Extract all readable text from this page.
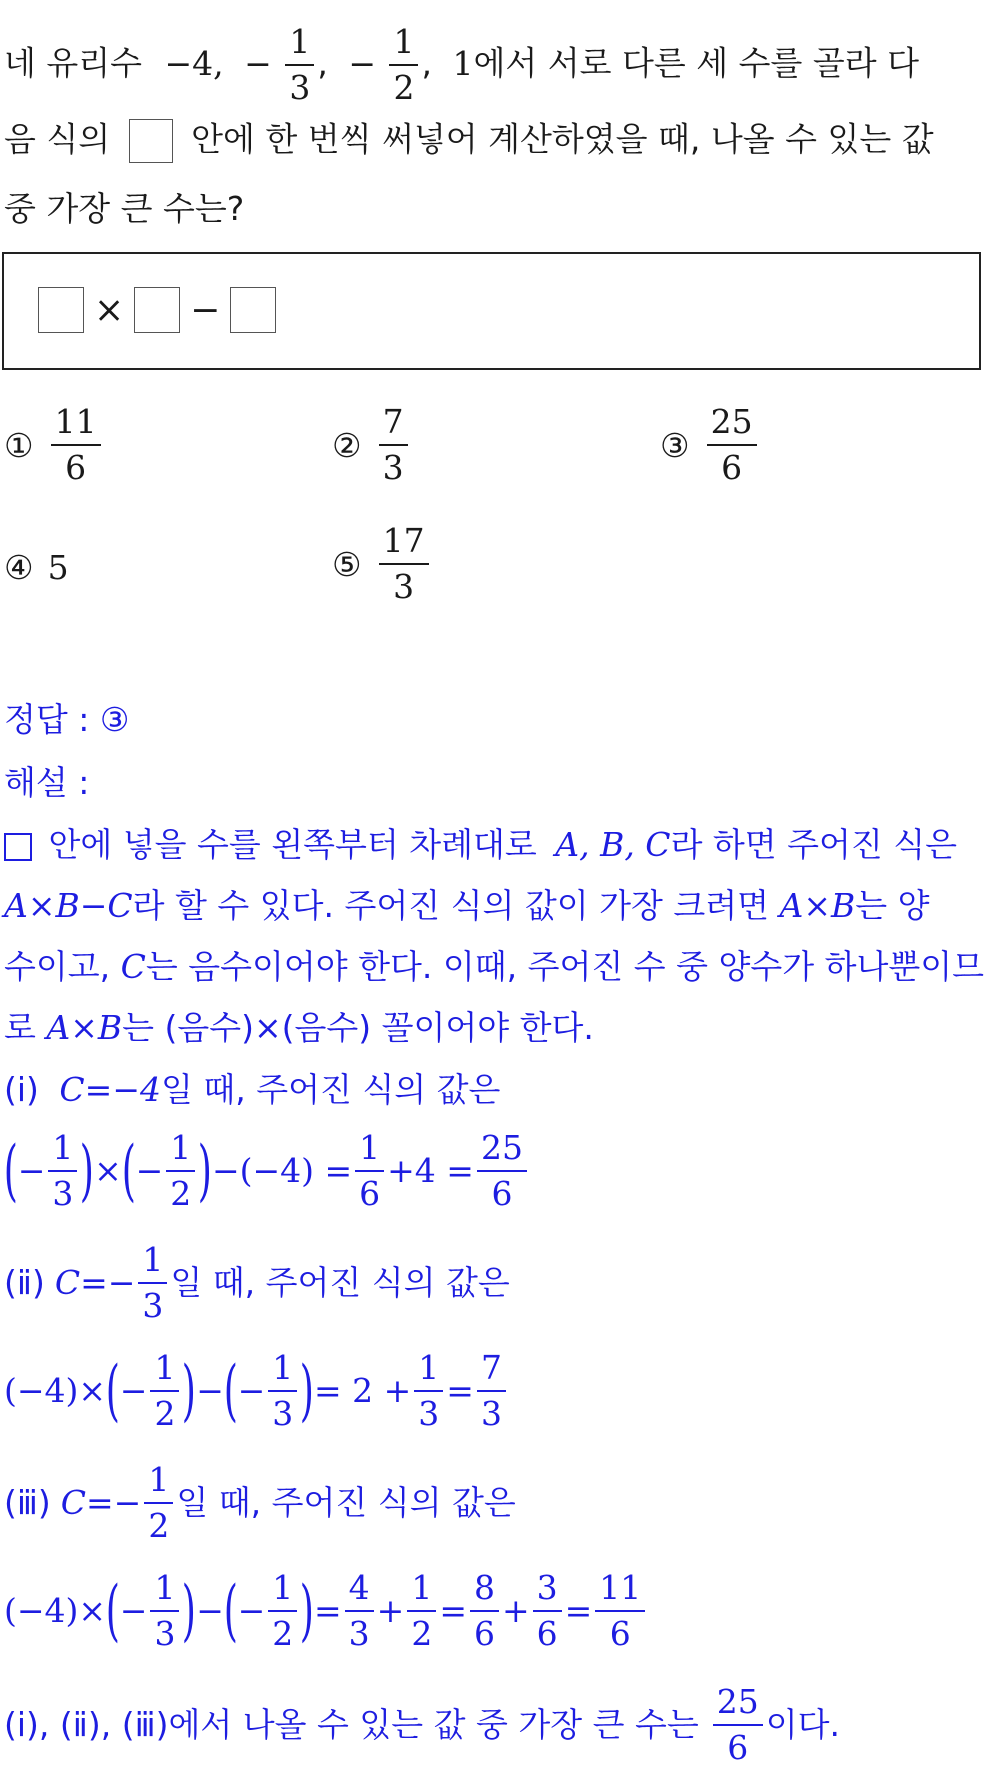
네 유리수 −4, − $\frac{1}{3}$ , − $\frac{1}{2}$ , 1에서 서로 다른 세 수를 골라 다
음 식의 안에 한 번씩 써넣어 계산하였을 때, 나올 수 있는 값
중 가장 큰 수는?
× −
① $\frac{11}{6}$	② $\frac{7}{3}$	③ $\frac{25}{6}$
④ 5	⑤ $\frac{17}{3}$
정답 : ③
해설 :
안에 넣을 수를 왼쪽부터 차례대로 A, B, C라 하면 주어진 식은
A×B−C라 할 수 있다. 주어진 식의 값이 가장 크려면 A×B는 양
수이고, C는 음수이어야 한다. 이때, 주어진 수 중 양수가 하나뿐이므
로 A×B는 (음수)×(음수) 꼴이어야 한다.
(ⅰ) C=−4일 때, 주어진 식의 값은
( − $\frac{1}{3}$ ) × ( − $\frac{1}{2}$ ) $-(-4) = \frac{1}{6} +4 = \frac{25}{6}$
(ⅱ) $C=- \frac{1}{3}$ 일 때, 주어진 식의 값은
(−4)× ( − $\frac{1}{2}$ ) − ( − $\frac{1}{3}$ ) = $2 + \frac{1}{3} = \frac{7}{3}$
(ⅲ) $C=- \frac{1}{2}$ 일 때, 주어진 식의 값은
(−4)× ( − $\frac{1}{3}$ ) − ( − $\frac{1}{2}$ ) = $\frac{4}{3} + \frac{1}{2} = \frac{8}{6} + \frac{3}{6} = \frac{11}{6}$
(ⅰ), (ⅱ), (ⅲ)에서 나올 수 있는 값 중 가장 큰 수는 $\frac{25}{6}$ 이다.
